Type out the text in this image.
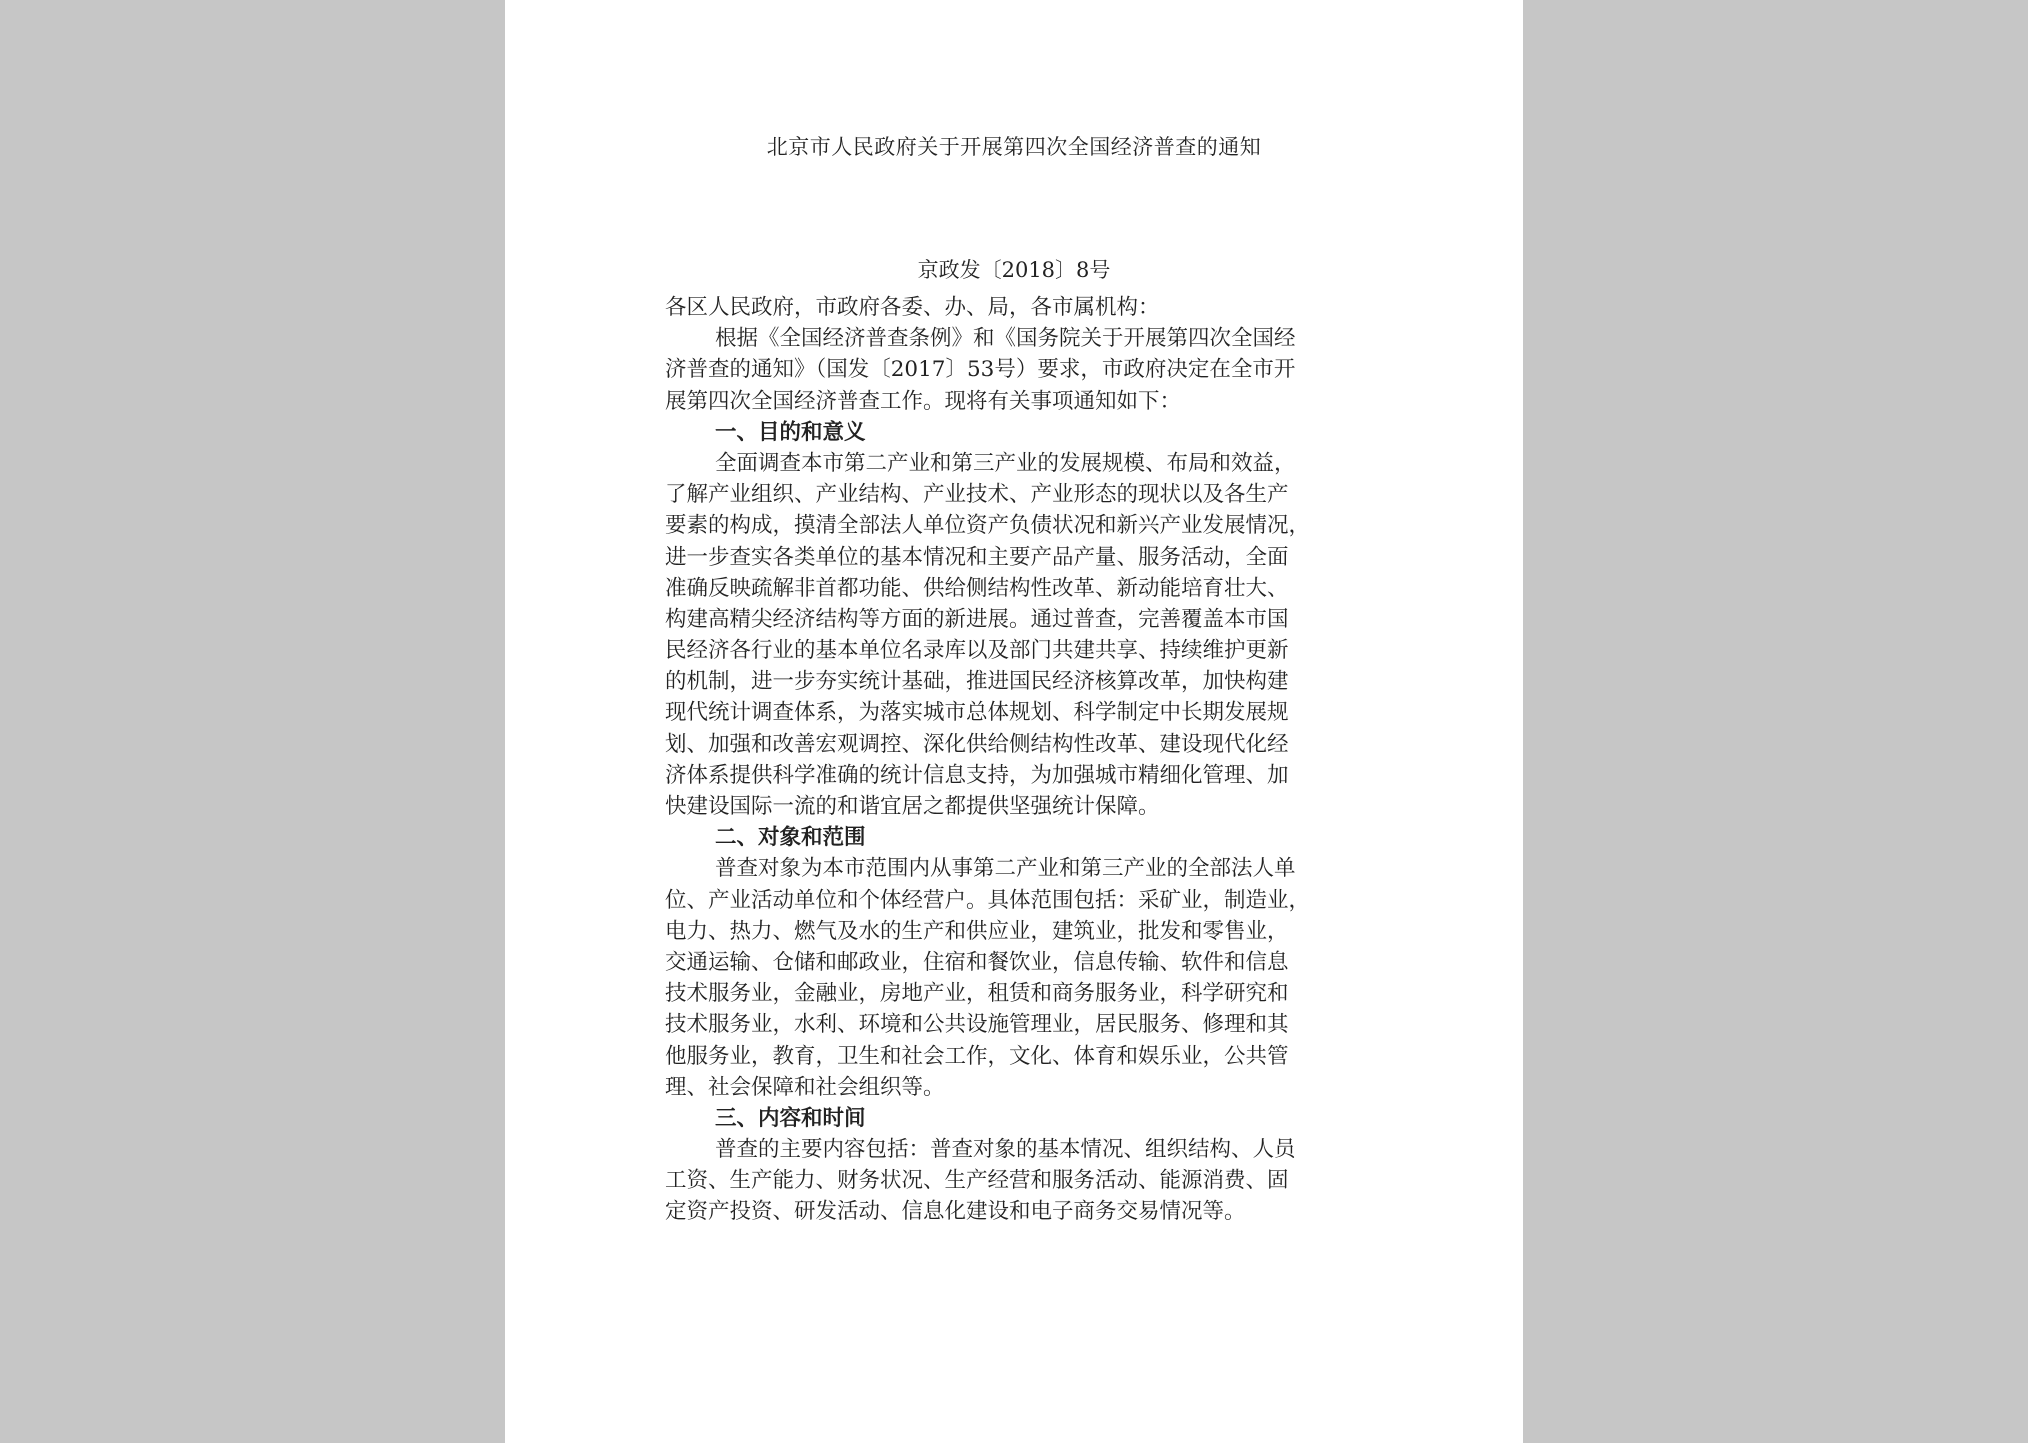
北京市人民政府关于开展第四次全国经济普查的通知
京政发〔2018〕8号
各区人民政府，市政府各委、办、局，各市属机构：
根据《全国经济普查条例》和《国务院关于开展第四次全国经
济普查的通知》（国发〔2017〕53号）要求，市政府决定在全市开
展第四次全国经济普查工作。现将有关事项通知如下：
一、目的和意义
全面调查本市第二产业和第三产业的发展规模、布局和效益，
了解产业组织、产业结构、产业技术、产业形态的现状以及各生产
要素的构成，摸清全部法人单位资产负债状况和新兴产业发展情况，
进一步查实各类单位的基本情况和主要产品产量、服务活动，全面
准确反映疏解非首都功能、供给侧结构性改革、新动能培育壮大、
构建高精尖经济结构等方面的新进展。通过普查，完善覆盖本市国
民经济各行业的基本单位名录库以及部门共建共享、持续维护更新
的机制，进一步夯实统计基础，推进国民经济核算改革，加快构建
现代统计调查体系，为落实城市总体规划、科学制定中长期发展规
划、加强和改善宏观调控、深化供给侧结构性改革、建设现代化经
济体系提供科学准确的统计信息支持，为加强城市精细化管理、加
快建设国际一流的和谐宜居之都提供坚强统计保障。
二、对象和范围
普查对象为本市范围内从事第二产业和第三产业的全部法人单
位、产业活动单位和个体经营户。具体范围包括：采矿业，制造业，
电力、热力、燃气及水的生产和供应业，建筑业，批发和零售业，
交通运输、仓储和邮政业，住宿和餐饮业，信息传输、软件和信息
技术服务业，金融业，房地产业，租赁和商务服务业，科学研究和
技术服务业，水利、环境和公共设施管理业，居民服务、修理和其
他服务业，教育，卫生和社会工作，文化、体育和娱乐业，公共管
理、社会保障和社会组织等。
三、内容和时间
普查的主要内容包括：普查对象的基本情况、组织结构、人员
工资、生产能力、财务状况、生产经营和服务活动、能源消费、固
定资产投资、研发活动、信息化建设和电子商务交易情况等。
